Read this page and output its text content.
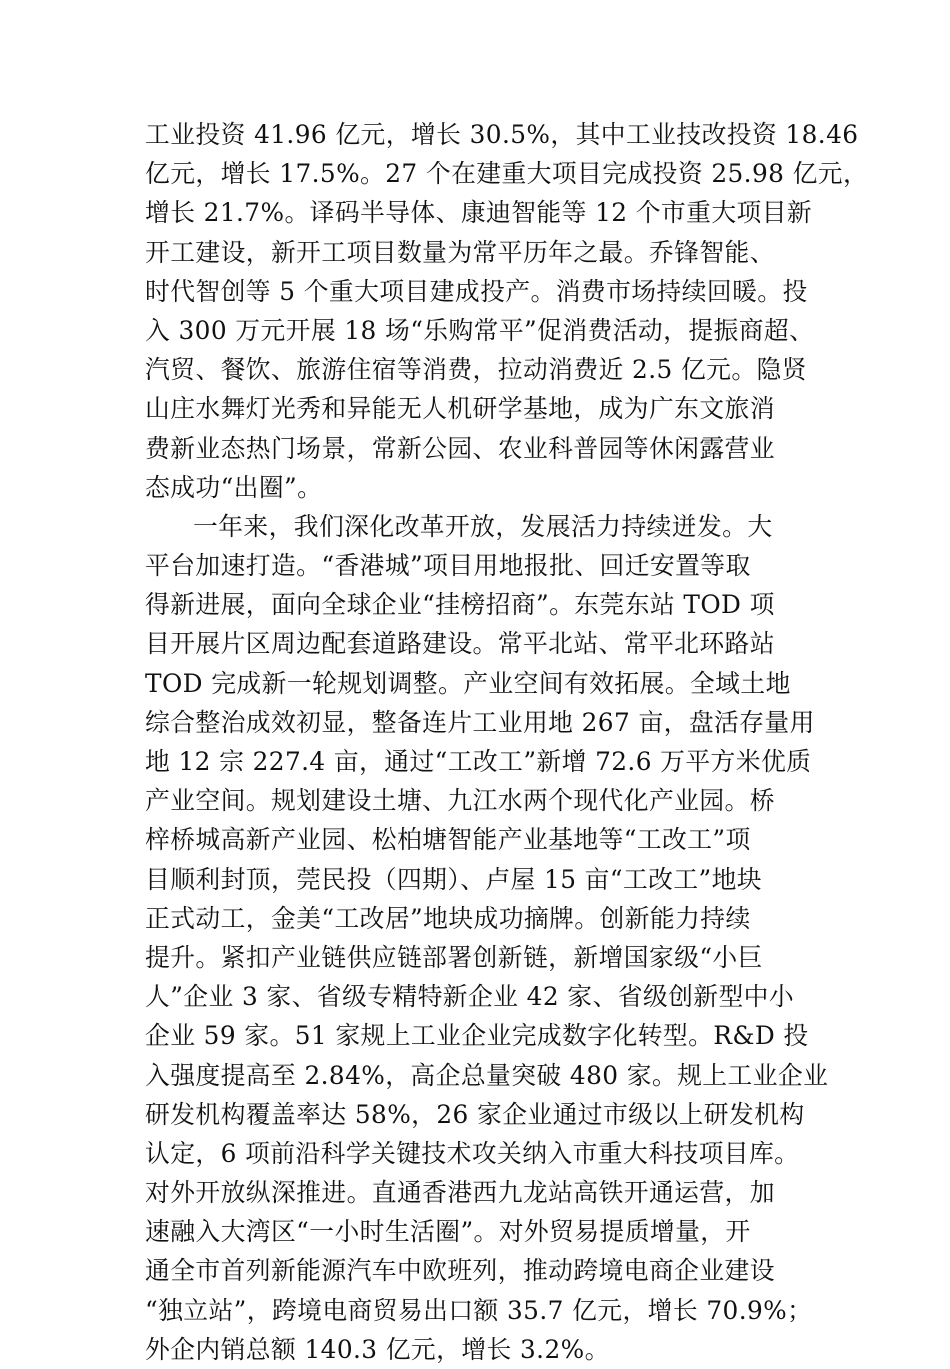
工业投资 41.96 亿元，增长 30.5%，其中工业技改投资 18.46
亿元，增长 17.5%。27 个在建重大项目完成投资 25.98 亿元，
增长 21.7%。译码半导体、康迪智能等 12 个市重大项目新
开工建设，新开工项目数量为常平历年之最。乔锋智能、
时代智创等 5 个重大项目建成投产。消费市场持续回暖。投
入 300 万元开展 18 场“乐购常平”促消费活动，提振商超、
汽贸、餐饮、旅游住宿等消费，拉动消费近 2.5 亿元。隐贤
山庄水舞灯光秀和异能无人机研学基地，成为广东文旅消
费新业态热门场景，常新公园、农业科普园等休闲露营业
态成功“出圈”。
一年来，我们深化改革开放，发展活力持续迸发。大
平台加速打造。“香港城”项目用地报批、回迁安置等取
得新进展，面向全球企业“挂榜招商”。东莞东站 TOD 项
目开展片区周边配套道路建设。常平北站、常平北环路站
TOD 完成新一轮规划调整。产业空间有效拓展。全域土地
综合整治成效初显，整备连片工业用地 267 亩，盘活存量用
地 12 宗 227.4 亩，通过“工改工”新增 72.6 万平方米优质
产业空间。规划建设土塘、九江水两个现代化产业园。桥
梓桥城高新产业园、松柏塘智能产业基地等“工改工”项
目顺利封顶，莞民投（四期）、卢屋 15 亩“工改工”地块
正式动工，金美“工改居”地块成功摘牌。创新能力持续
提升。紧扣产业链供应链部署创新链，新增国家级“小巨
人”企业 3 家、省级专精特新企业 42 家、省级创新型中小
企业 59 家。51 家规上工业企业完成数字化转型。R&D 投
入强度提高至 2.84%，高企总量突破 480 家。规上工业企业
研发机构覆盖率达 58%，26 家企业通过市级以上研发机构
认定，6 项前沿科学关键技术攻关纳入市重大科技项目库。
对外开放纵深推进。直通香港西九龙站高铁开通运营，加
速融入大湾区“一小时生活圈”。对外贸易提质增量，开
通全市首列新能源汽车中欧班列，推动跨境电商企业建设
“独立站”，跨境电商贸易出口额 35.7 亿元，增长 70.9%；
外企内销总额 140.3 亿元，增长 3.2%。
